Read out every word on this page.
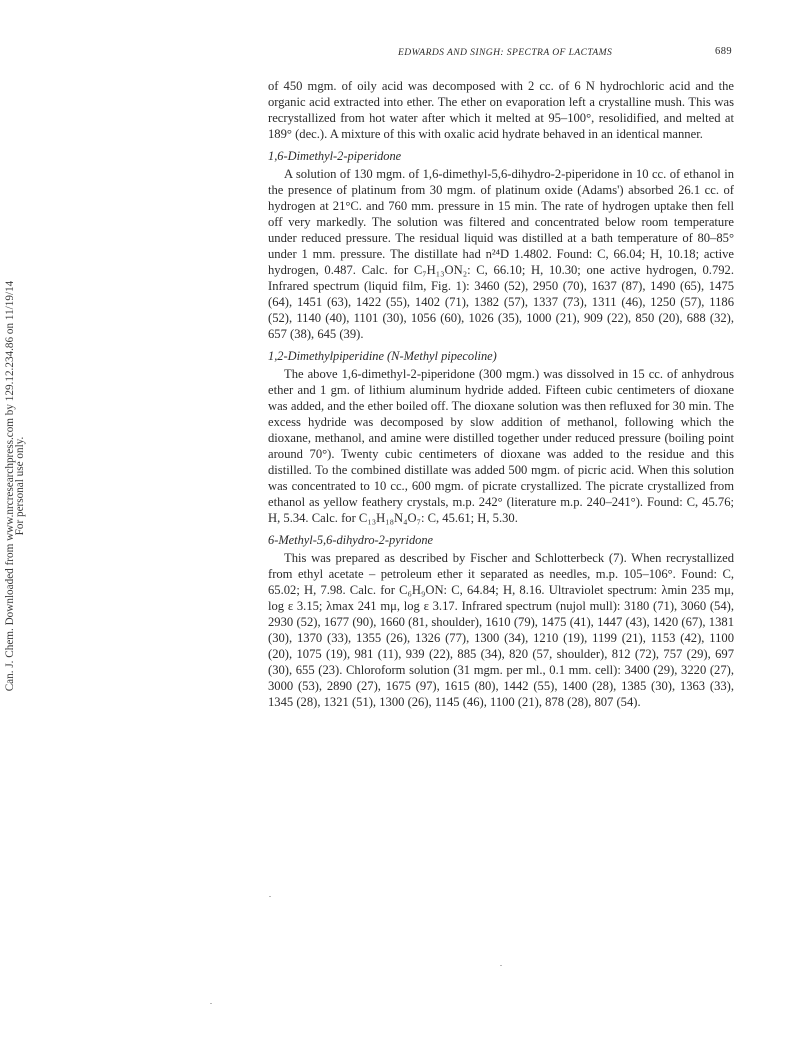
Can. J. Chem. Downloaded from www.nrcresearchpress.com by 129.12.234.86 on 11/19/14
For personal use only.
EDWARDS AND SINGH: SPECTRA OF LACTAMS	689

of 450 mgm. of oily acid was decomposed with 2 cc. of 6 N hydrochloric acid and the organic acid extracted into ether. The ether on evaporation left a crystalline mush. This was recrystallized from hot water after which it melted at 95–100°, resolidified, and melted at 189° (dec.). A mixture of this with oxalic acid hydrate behaved in an identical manner.

1,6-Dimethyl-2-piperidone

A solution of 130 mgm. of 1,6-dimethyl-5,6-dihydro-2-piperidone in 10 cc. of ethanol in the presence of platinum from 30 mgm. of platinum oxide (Adams') absorbed 26.1 cc. of hydrogen at 21°C. and 760 mm. pressure in 15 min. The rate of hydrogen uptake then fell off very markedly. The solution was filtered and concentrated below room temperature under reduced pressure. The residual liquid was distilled at a bath temperature of 80–85° under 1 mm. pressure. The distillate had n²⁴D 1.4802. Found: C, 66.04; H, 10.18; active hydrogen, 0.487. Calc. for C₇H₁₃ON₂: C, 66.10; H, 10.30; one active hydrogen, 0.792. Infrared spectrum (liquid film, Fig. 1): 3460 (52), 2950 (70), 1637 (87), 1490 (65), 1475 (64), 1451 (63), 1422 (55), 1402 (71), 1382 (57), 1337 (73), 1311 (46), 1250 (57), 1186 (52), 1140 (40), 1101 (30), 1056 (60), 1026 (35), 1000 (21), 909 (22), 850 (20), 688 (32), 657 (38), 645 (39).

1,2-Dimethylpiperidine (N-Methyl pipecoline)

The above 1,6-dimethyl-2-piperidone (300 mgm.) was dissolved in 15 cc. of anhydrous ether and 1 gm. of lithium aluminum hydride added. Fifteen cubic centimeters of dioxane was added, and the ether boiled off. The dioxane solution was then refluxed for 30 min. The excess hydride was decomposed by slow addition of methanol, following which the dioxane, methanol, and amine were distilled together under reduced pressure (boiling point around 70°). Twenty cubic centimeters of dioxane was added to the residue and this distilled. To the combined distillate was added 500 mgm. of picric acid. When this solution was concentrated to 10 cc., 600 mgm. of picrate crystallized. The picrate crystallized from ethanol as yellow feathery crystals, m.p. 242° (literature m.p. 240–241°). Found: C, 45.76; H, 5.34. Calc. for C₁₃H₁₈N₄O₇: C, 45.61; H, 5.30.

6-Methyl-5,6-dihydro-2-pyridone

This was prepared as described by Fischer and Schlotterbeck (7). When recrystallized from ethyl acetate – petroleum ether it separated as needles, m.p. 105–106°. Found: C, 65.02; H, 7.98. Calc. for C₆H₉ON: C, 64.84; H, 8.16. Ultraviolet spectrum: λmin 235 mμ, log ε 3.15; λmax 241 mμ, log ε 3.17. Infrared spectrum (nujol mull): 3180 (71), 3060 (54), 2930 (52), 1677 (90), 1660 (81, shoulder), 1610 (79), 1475 (41), 1447 (43), 1420 (67), 1381 (30), 1370 (33), 1355 (26), 1326 (77), 1300 (34), 1210 (19), 1199 (21), 1153 (42), 1100 (20), 1075 (19), 981 (11), 939 (22), 885 (34), 820 (57, shoulder), 812 (72), 757 (29), 697 (30), 655 (23). Chloroform solution (31 mgm. per ml., 0.1 mm. cell): 3400 (29), 3220 (27), 3000 (53), 2890 (27), 1675 (97), 1615 (80), 1442 (55), 1400 (28), 1385 (30), 1363 (33), 1345 (28), 1321 (51), 1300 (26), 1145 (46), 1100 (21), 878 (28), 807 (54).
